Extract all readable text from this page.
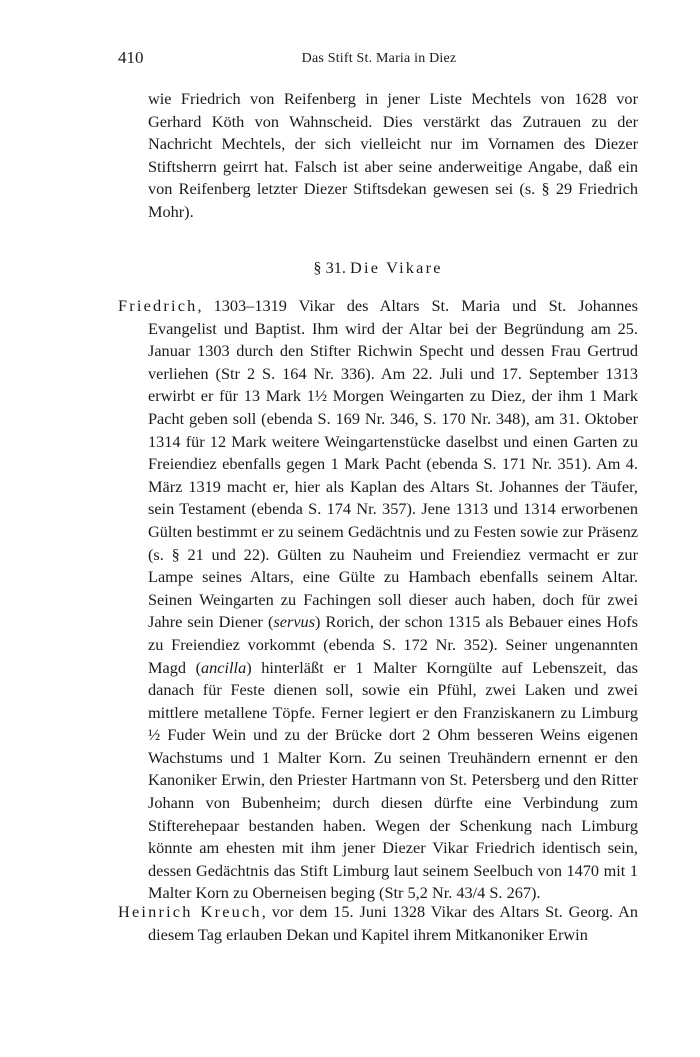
410	Das Stift St. Maria in Diez

wie Friedrich von Reifenberg in jener Liste Mechtels von 1628 vor Gerhard Köth von Wahnscheid. Dies verstärkt das Zutrauen zu der Nachricht Mechtels, der sich vielleicht nur im Vornamen des Diezer Stiftsherrn geirrt hat. Falsch ist aber seine anderweitige Angabe, daß ein von Reifenberg letzter Diezer Stiftsdekan gewesen sei (s. § 29 Friedrich Mohr).

§ 31. Die Vikare

Friedrich, 1303–1319 Vikar des Altars St. Maria und St. Johannes Evangelist und Baptist. Ihm wird der Altar bei der Begründung am 25. Januar 1303 durch den Stifter Richwin Specht und dessen Frau Gertrud verliehen (Str 2 S. 164 Nr. 336). Am 22. Juli und 17. September 1313 erwirbt er für 13 Mark 1½ Morgen Weingarten zu Diez, der ihm 1 Mark Pacht geben soll (ebenda S. 169 Nr. 346, S. 170 Nr. 348), am 31. Oktober 1314 für 12 Mark weitere Weingartenstücke daselbst und einen Garten zu Freiendiez ebenfalls gegen 1 Mark Pacht (ebenda S. 171 Nr. 351). Am 4. März 1319 macht er, hier als Kaplan des Altars St. Johannes der Täufer, sein Testament (ebenda S. 174 Nr. 357). Jene 1313 und 1314 erworbenen Gülten bestimmt er zu seinem Gedächtnis und zu Festen sowie zur Präsenz (s. § 21 und 22). Gülten zu Nauheim und Freiendiez vermacht er zur Lampe seines Altars, eine Gülte zu Hambach ebenfalls seinem Altar. Seinen Weingarten zu Fachingen soll dieser auch haben, doch für zwei Jahre sein Diener (servus) Rorich, der schon 1315 als Bebauer eines Hofs zu Freiendiez vorkommt (ebenda S. 172 Nr. 352). Seiner ungenannten Magd (ancilla) hinterläßt er 1 Malter Korngülte auf Lebenszeit, das danach für Feste dienen soll, sowie ein Pfühl, zwei Laken und zwei mittlere metallene Töpfe. Ferner legiert er den Franziskanern zu Limburg ½ Fuder Wein und zu der Brücke dort 2 Ohm besseren Weins eigenen Wachstums und 1 Malter Korn. Zu seinen Treuhändern ernennt er den Kanoniker Erwin, den Priester Hartmann von St. Petersberg und den Ritter Johann von Bubenheim; durch diesen dürfte eine Verbindung zum Stifterehepaar bestanden haben. Wegen der Schenkung nach Limburg könnte am ehesten mit ihm jener Diezer Vikar Friedrich identisch sein, dessen Gedächtnis das Stift Limburg laut seinem Seelbuch von 1470 mit 1 Malter Korn zu Oberneisen beging (Str 5,2 Nr. 43/4 S. 267).

Heinrich Kreuch, vor dem 15. Juni 1328 Vikar des Altars St. Georg. An diesem Tag erlauben Dekan und Kapitel ihrem Mitkanoniker Erwin
